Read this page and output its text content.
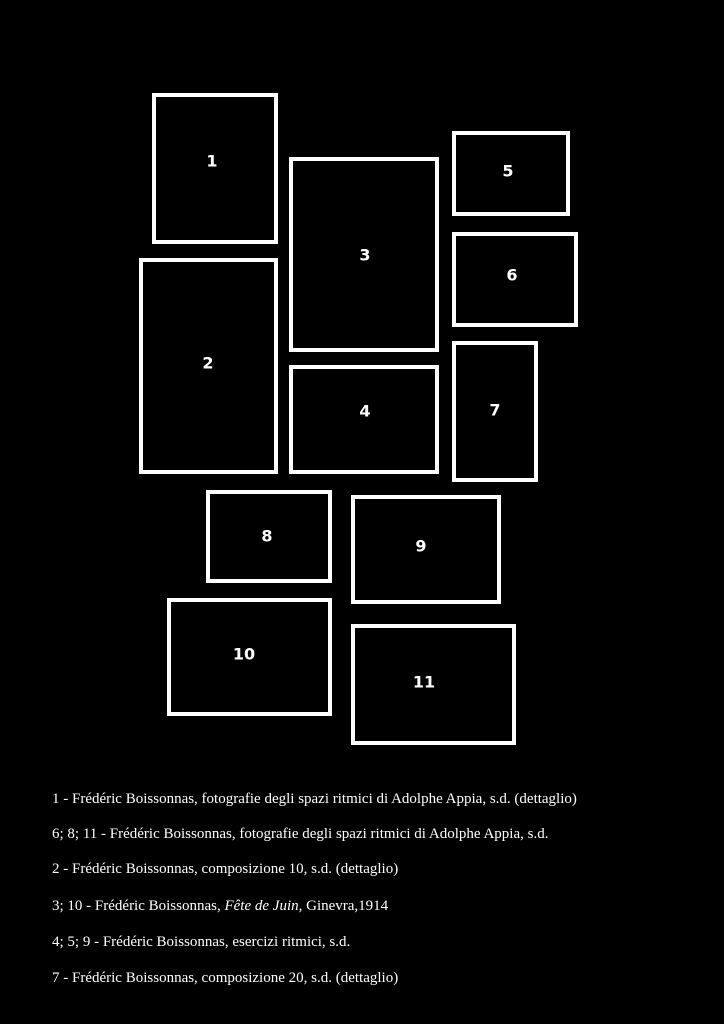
1
2
3
4
5
6
7
8
9
10
11
1 - Frédéric Boissonnas, fotografie degli spazi ritmici di Adolphe Appia, s.d. (dettaglio)
6; 8; 11 - Frédéric Boissonnas, fotografie degli spazi ritmici di Adolphe Appia, s.d.
2 - Frédéric Boissonnas, composizione 10, s.d. (dettaglio)
3; 10 - Frédéric Boissonnas, Fête de Juin, Ginevra,1914
4; 5; 9 - Frédéric Boissonnas, esercizi ritmici, s.d.
7 - Frédéric Boissonnas, composizione 20, s.d. (dettaglio)
